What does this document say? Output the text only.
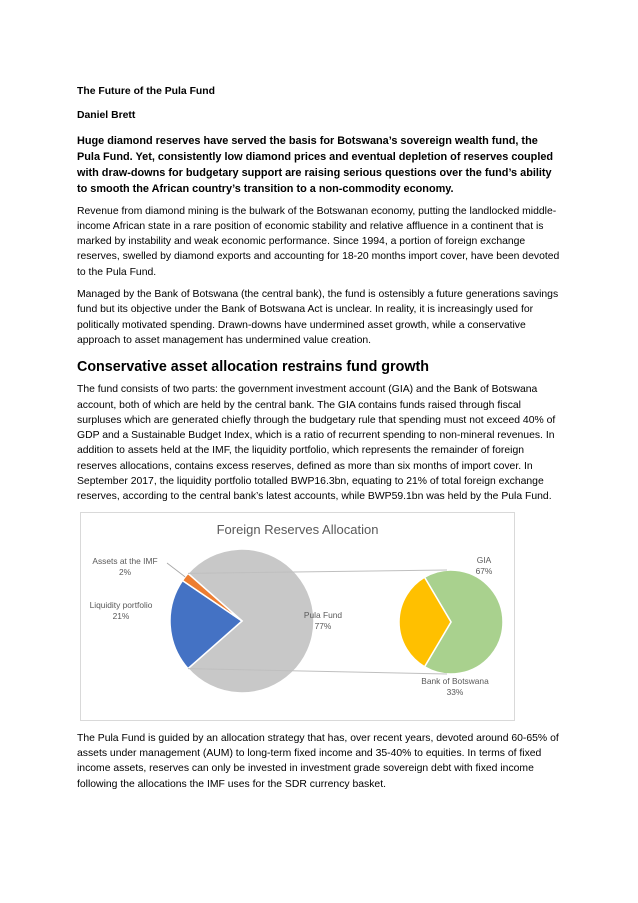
The Future of the Pula Fund

Daniel Brett

Huge diamond reserves have served the basis for Botswana’s sovereign wealth fund, the Pula Fund. Yet, consistently low diamond prices and eventual depletion of reserves coupled with draw-downs for budgetary support are raising serious questions over the fund’s ability to smooth the African country’s transition to a non-commodity economy.

Revenue from diamond mining is the bulwark of the Botswanan economy, putting the landlocked middle-income African state in a rare position of economic stability and relative affluence in a continent that is marked by instability and weak economic performance. Since 1994, a portion of foreign exchange reserves, swelled by diamond exports and accounting for 18-20 months import cover, have been devoted to the Pula Fund.

Managed by the Bank of Botswana (the central bank), the fund is ostensibly a future generations savings fund but its objective under the Bank of Botswana Act is unclear. In reality, it is increasingly used for politically motivated spending. Drawn-downs have undermined asset growth, while a conservative approach to asset management has undermined value creation.

Conservative asset allocation restrains fund growth

The fund consists of two parts: the government investment account (GIA) and the Bank of Botswana account, both of which are held by the central bank. The GIA contains funds raised through fiscal surpluses which are generated chiefly through the budgetary rule that spending must not exceed 40% of GDP and a Sustainable Budget Index, which is a ratio of recurrent spending to non-mineral revenues. In addition to assets held at the IMF, the liquidity portfolio, which represents the remainder of foreign reserves allocations, contains excess reserves, defined as more than six months of import cover. In September 2017, the liquidity portfolio totalled BWP16.3bn, equating to 21% of total foreign exchange reserves, according to the central bank’s latest accounts, while BWP59.1bn was held by the Pula Fund.

Foreign Reserves Allocation
Assets at the IMF
2%
Liquidity portfolio
21%	Pula Fund
77%
GIA
67%
Bank of Botswana
33%

The Pula Fund is guided by an allocation strategy that has, over recent years, devoted around 60-65% of assets under management (AUM) to long-term fixed income and 35-40% to equities. In terms of fixed income assets, reserves can only be invested in investment grade sovereign debt with fixed income following the allocations the IMF uses for the SDR currency basket.
